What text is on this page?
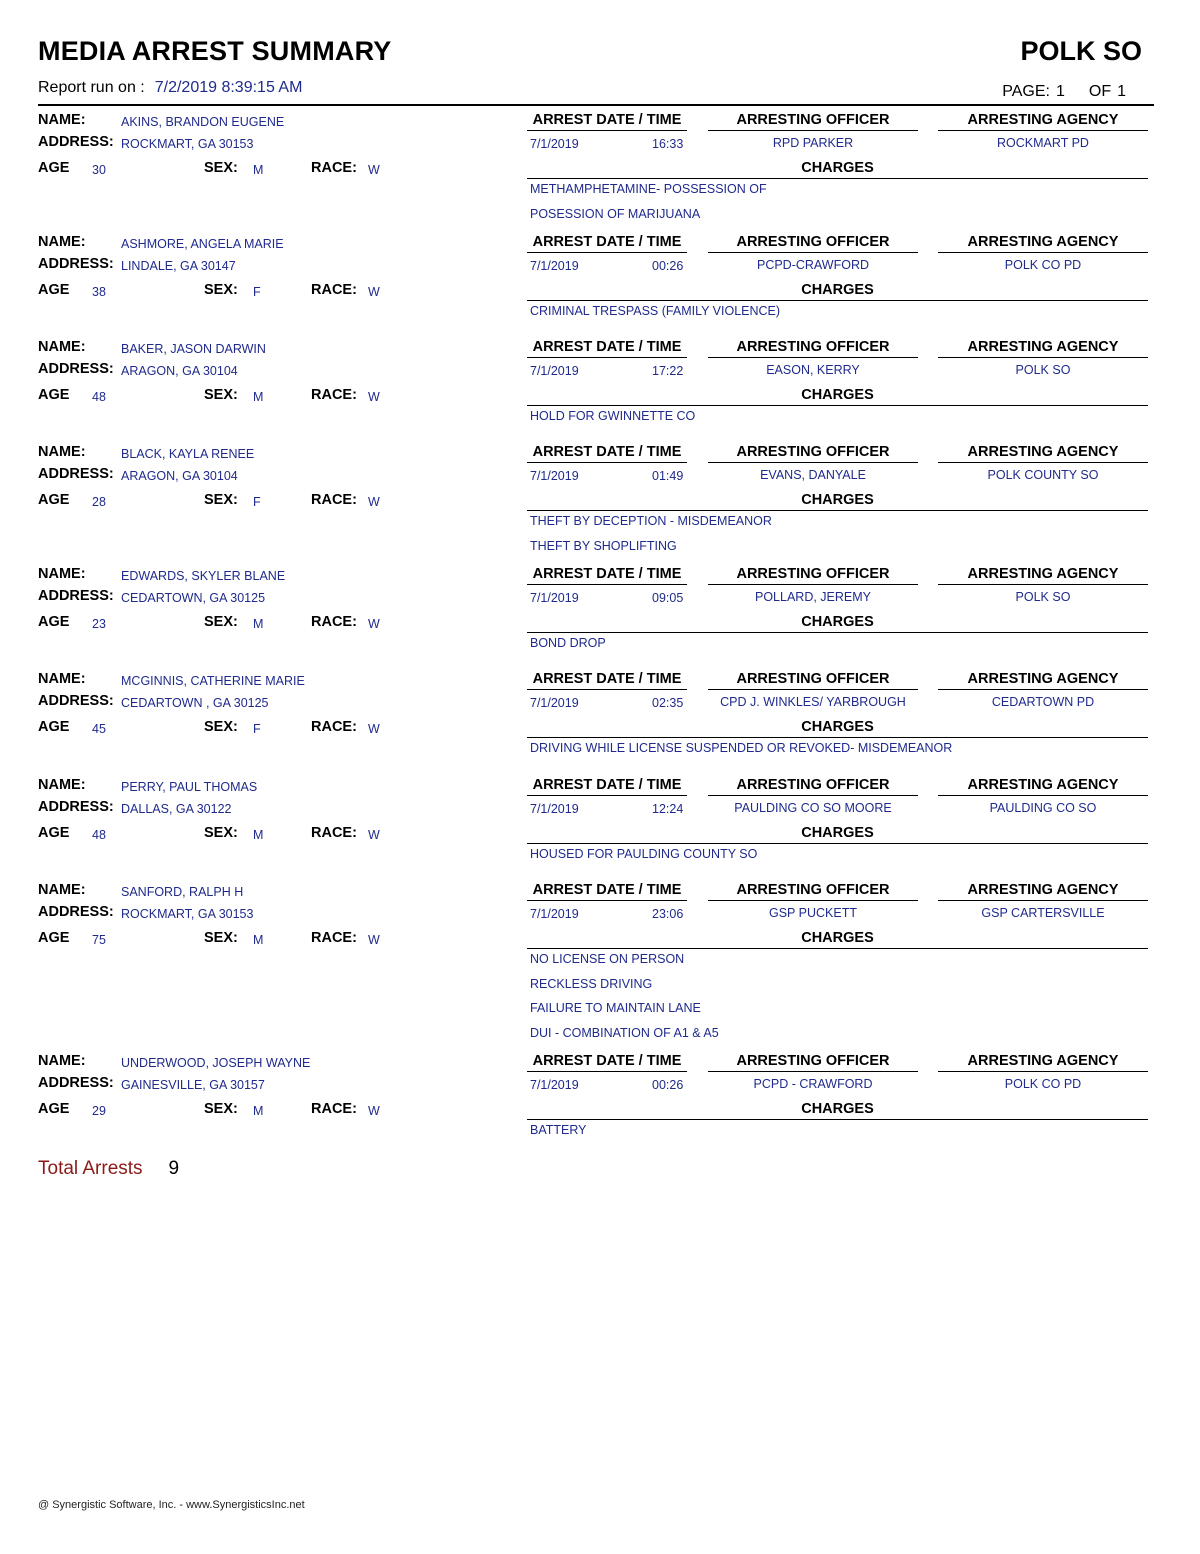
MEDIA ARREST SUMMARY	POLK SO
Report run on : 7/2/2019 8:39:15 AM	PAGE: 1 OF 1
NAME:	AKINS, BRANDON EUGENE
ADDRESS: ROCKMART, GA 30153
AGE 30	SEX: M	RACE: W
ARREST DATE / TIME	ARRESTING OFFICER	ARRESTING AGENCY
7/1/2019	16:33	RPD PARKER	ROCKMART PD
CHARGES
METHAMPHETAMINE- POSSESSION OF
POSESSION OF MARIJUANA
NAME:	ASHMORE, ANGELA MARIE
ADDRESS: LINDALE, GA 30147
AGE 38	SEX: F	RACE: W
ARREST DATE / TIME	ARRESTING OFFICER	ARRESTING AGENCY
7/1/2019	00:26	PCPD-CRAWFORD	POLK CO PD
CHARGES
CRIMINAL TRESPASS (FAMILY VIOLENCE)
NAME:	BAKER, JASON DARWIN
ADDRESS: ARAGON, GA 30104
AGE 48	SEX: M	RACE: W
ARREST DATE / TIME	ARRESTING OFFICER	ARRESTING AGENCY
7/1/2019	17:22	EASON, KERRY	POLK SO
CHARGES
HOLD FOR GWINNETTE CO
NAME:	BLACK, KAYLA RENEE
ADDRESS: ARAGON, GA 30104
AGE 28	SEX: F	RACE: W
ARREST DATE / TIME	ARRESTING OFFICER	ARRESTING AGENCY
7/1/2019	01:49	EVANS, DANYALE	POLK COUNTY SO
CHARGES
THEFT BY DECEPTION - MISDEMEANOR
THEFT BY SHOPLIFTING
NAME:	EDWARDS, SKYLER BLANE
ADDRESS: CEDARTOWN, GA 30125
AGE 23	SEX: M	RACE: W
ARREST DATE / TIME	ARRESTING OFFICER	ARRESTING AGENCY
7/1/2019	09:05	POLLARD, JEREMY	POLK SO
CHARGES
BOND DROP
NAME:	MCGINNIS, CATHERINE MARIE
ADDRESS: CEDARTOWN , GA 30125
AGE 45	SEX: F	RACE: W
ARREST DATE / TIME	ARRESTING OFFICER	ARRESTING AGENCY
7/1/2019	02:35	CPD J. WINKLES/ YARBROUGH	CEDARTOWN PD
CHARGES
DRIVING WHILE LICENSE SUSPENDED OR REVOKED- MISDEMEANOR
NAME:	PERRY, PAUL THOMAS
ADDRESS: DALLAS, GA 30122
AGE 48	SEX: M	RACE: W
ARREST DATE / TIME	ARRESTING OFFICER	ARRESTING AGENCY
7/1/2019	12:24	PAULDING CO SO MOORE	PAULDING CO SO
CHARGES
HOUSED FOR PAULDING COUNTY SO
NAME:	SANFORD, RALPH H
ADDRESS: ROCKMART, GA 30153
AGE 75	SEX: M	RACE: W
ARREST DATE / TIME	ARRESTING OFFICER	ARRESTING AGENCY
7/1/2019	23:06	GSP PUCKETT	GSP CARTERSVILLE
CHARGES
NO LICENSE ON PERSON
RECKLESS DRIVING
FAILURE TO MAINTAIN LANE
DUI - COMBINATION OF A1 & A5
NAME:	UNDERWOOD, JOSEPH WAYNE
ADDRESS: GAINESVILLE, GA 30157
AGE 29	SEX: M	RACE: W
ARREST DATE / TIME	ARRESTING OFFICER	ARRESTING AGENCY
7/1/2019	00:26	PCPD - CRAWFORD	POLK CO PD
CHARGES
BATTERY
Total Arrests 9
@ Synergistic Software, Inc. - www.SynergisticsInc.net
